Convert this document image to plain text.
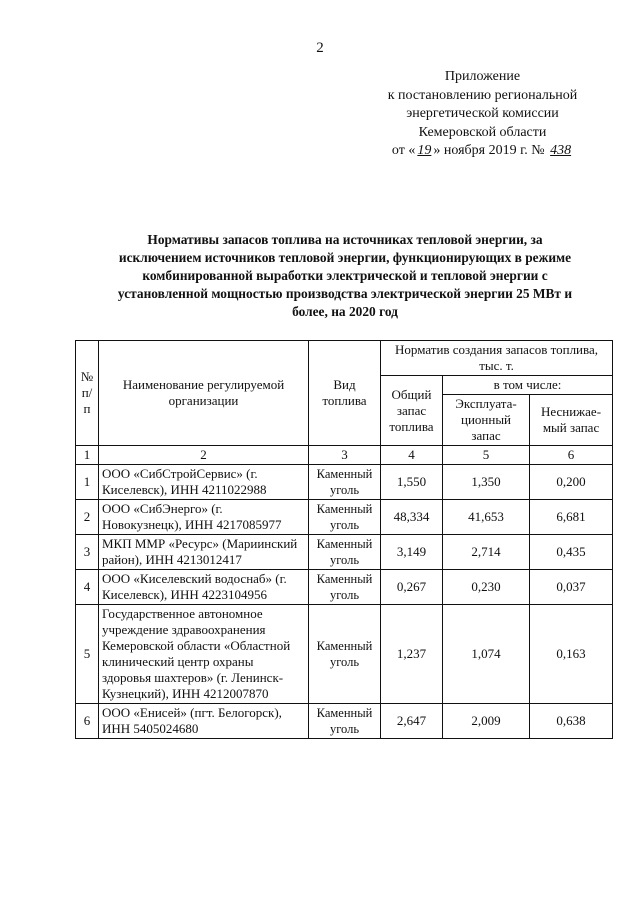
2
Приложение
к постановлению региональной
энергетической комиссии
Кемеровской области
от « 19 » ноября 2019 г. № 438
Нормативы запасов топлива на источниках тепловой энергии, за исключением источников тепловой энергии, функционирующих в режиме комбинированной выработки электрической и тепловой энергии с установленной мощностью производства электрической энергии 25 МВт и более, на 2020 год
№ п/п	Наименование регулируемой организации	Вид топлива	Норматив создания запасов топлива, тыс. т.		
			Общий запас топлива	в том числе:	
				Эксплуата-ционный запас	Неснижае-мый запас
1	2	3	4	5	6
1	ООО «СибСтройСервис» (г. Киселевск), ИНН 4211022988	Каменный уголь	1,550	1,350	0,200
2	ООО «СибЭнерго» (г. Новокузнецк), ИНН 4217085977	Каменный уголь	48,334	41,653	6,681
3	МКП ММР «Ресурс» (Мариинский район), ИНН 4213012417	Каменный уголь	3,149	2,714	0,435
4	ООО «Киселевский водоснаб» (г. Киселевск), ИНН 4223104956	Каменный уголь	0,267	0,230	0,037
5	Государственное автономное учреждение здравоохранения Кемеровской области «Областной клинический центр охраны здоровья шахтеров» (г. Ленинск-Кузнецкий), ИНН 4212007870	Каменный уголь	1,237	1,074	0,163
6	ООО «Енисей» (пгт. Белогорск), ИНН 5405024680	Каменный уголь	2,647	2,009	0,638
